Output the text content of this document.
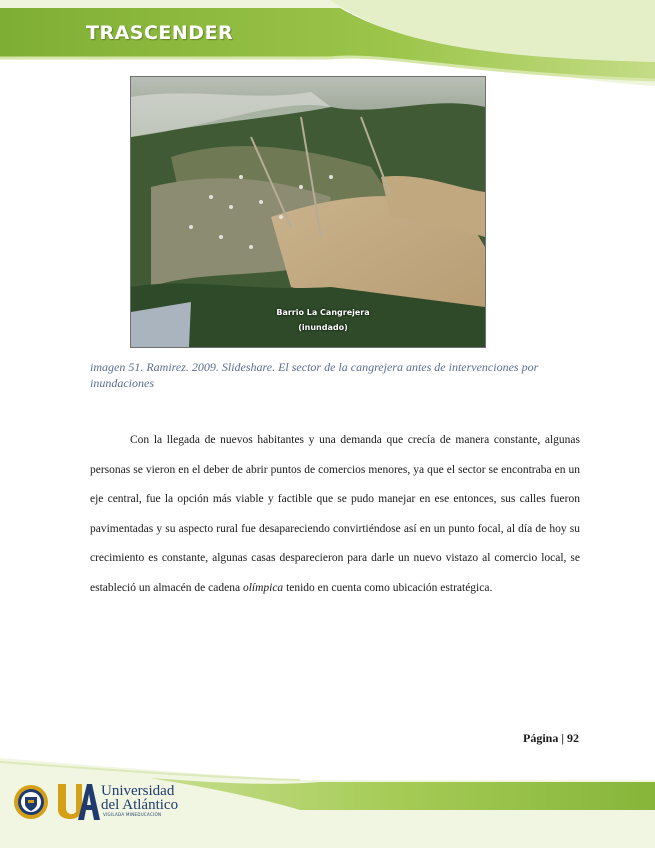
TRASCENDER
Barrio La Cangrejera
(inundado)
imagen 51. Ramirez. 2009. Slideshare. El sector de la cangrejera antes de intervenciones por inundaciones

Con la llegada de nuevos habitantes y una demanda que crecía de manera constante, algunas personas se vieron en el deber de abrir puntos de comercios menores, ya que el sector se encontraba en un eje central, fue la opción más viable y factible que se pudo manejar en ese entonces, sus calles fueron pavimentadas y su aspecto rural fue desapareciendo convirtiéndose así en un punto focal, al día de hoy su crecimiento es constante, algunas casas desparecieron para darle un nuevo vistazo al comercio local, se estableció un almacén de cadena olímpica tenido en cuenta como ubicación estratégica.

Página | 92
Universidad
del Atlántico
VIGILADA MINEDUCACIÓN
